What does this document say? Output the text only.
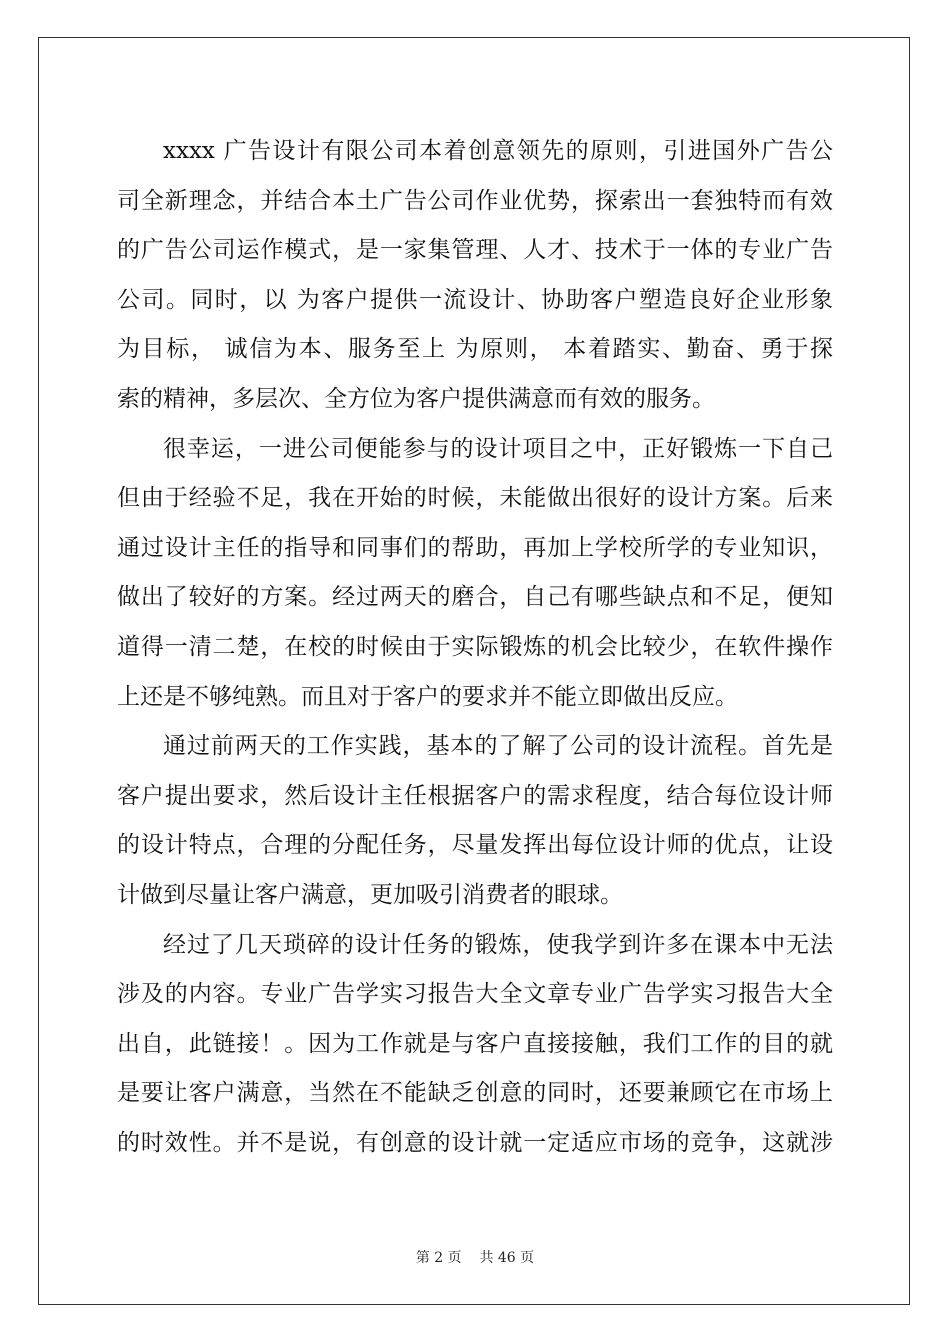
xxxx 广告设计有限公司本着创意领先的原则，引进国外广告公
司全新理念，并结合本土广告公司作业优势，探索出一套独特而有效
的广告公司运作模式，是一家集管理、人才、技术于一体的专业广告
公司。同时，以 为客户提供一流设计、协助客户塑造良好企业形象
为目标， 诚信为本、服务至上 为原则， 本着踏实、勤奋、勇于探
索的精神，多层次、全方位为客户提供满意而有效的服务。
很幸运，一进公司便能参与的设计项目之中，正好锻炼一下自己
但由于经验不足，我在开始的时候，未能做出很好的设计方案。后来
通过设计主任的指导和同事们的帮助，再加上学校所学的专业知识，
做出了较好的方案。经过两天的磨合，自己有哪些缺点和不足，便知
道得一清二楚，在校的时候由于实际锻炼的机会比较少，在软件操作
上还是不够纯熟。而且对于客户的要求并不能立即做出反应。
通过前两天的工作实践，基本的了解了公司的设计流程。首先是
客户提出要求，然后设计主任根据客户的需求程度，结合每位设计师
的设计特点，合理的分配任务，尽量发挥出每位设计师的优点，让设
计做到尽量让客户满意，更加吸引消费者的眼球。
经过了几天琐碎的设计任务的锻炼，使我学到许多在课本中无法
涉及的内容。专业广告学实习报告大全文章专业广告学实习报告大全
出自，此链接！。因为工作就是与客户直接接触，我们工作的目的就
是要让客户满意，当然在不能缺乏创意的同时，还要兼顾它在市场上
的时效性。并不是说，有创意的设计就一定适应市场的竞争，这就涉
第 2 页 共 46 页
